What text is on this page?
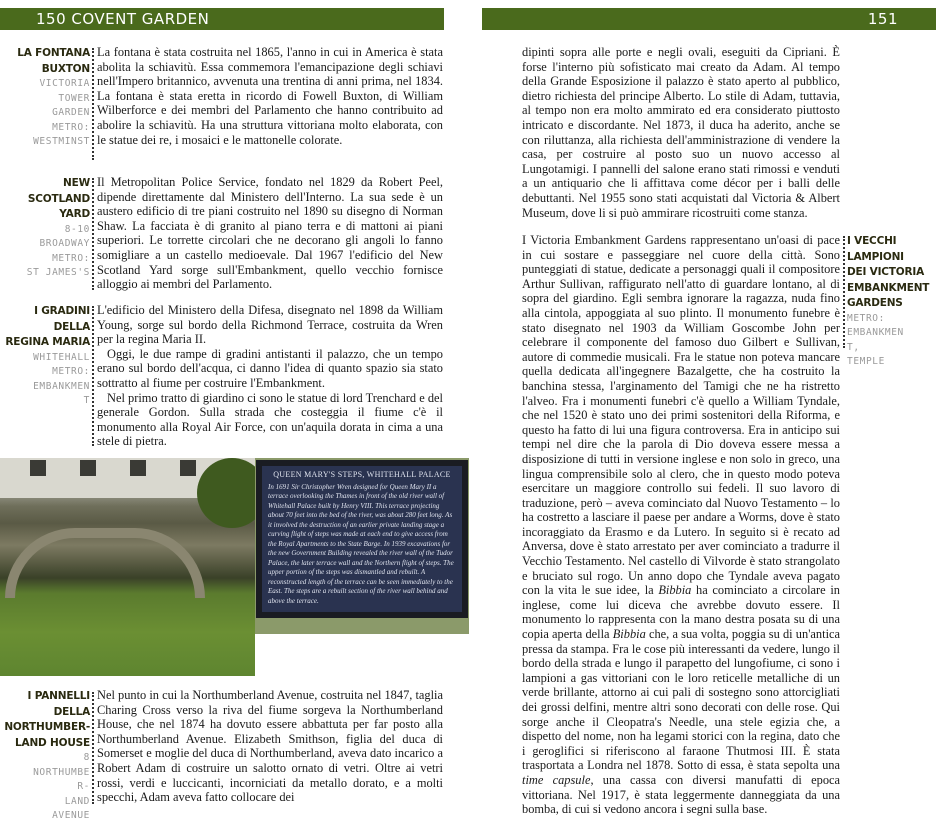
150 COVENT GARDEN	151
LA FONTANA
BUXTON
VICTORIA
TOWER
GARDEN
METRO:
WESTMINST

La fontana è stata costruita nel 1865, l'anno in cui in America è stata abolita la schiavitù. Essa commemora l'emancipazione degli schiavi nell'Impero britannico, avvenuta una trentina di anni prima, nel 1834. La fontana è stata eretta in ricordo di Fowell Buxton, di William Wilberforce e dei membri del Parlamento che hanno contribuito ad abolire la schiavitù. Ha una struttura vittoriana molto elaborata, con le statue dei re, i mosaici e le mattonelle colorate.

NEW
SCOTLAND YARD
8-10
BROADWAY
METRO:
ST JAMES'S

Il Metropolitan Police Service, fondato nel 1829 da Robert Peel, dipende direttamente dal Ministero dell'Interno. La sua sede è un austero edificio di tre piani costruito nel 1890 su disegno di Norman Shaw. La facciata è di granito al piano terra e di mattoni ai piani superiori. Le torrette circolari che ne decorano gli angoli lo fanno somigliare a un castello medioevale. Dal 1967 l'edificio del New Scotland Yard sorge sull'Embankment, quello vecchio fornisce alloggio ai membri del Parlamento.

I GRADINI DELLA
REGINA MARIA
WHITEHALL
METRO:
EMBANKMEN
T

L'edificio del Ministero della Difesa, disegnato nel 1898 da William Young, sorge sul bordo della Richmond Terrace, costruita da Wren per la regina Maria II.

Oggi, le due rampe di gradini antistanti il palazzo, che un tempo erano sul bordo dell'acqua, ci danno l'idea di quanto spazio sia stato sottratto al fiume per costruire l'Embankment.

Nel primo tratto di giardino ci sono le statue di lord Trenchard e del generale Gordon. Sulla strada che costeggia il fiume c'è il monumento alla Royal Air Force, con un'aquila dorata in cima a una stele di pietra.

QUEEN MARY'S STEPS, WHITEHALL PALACE
In 1691 Sir Christopher Wren designed for Queen Mary II a terrace overlooking the Thames in front of the old river wall of Whitehall Palace built by Henry VIII. This terrace projecting about 70 feet into the bed of the river, was about 280 feet long. As it involved the destruction of an earlier private landing stage a curving flight of steps was made at each end to give access from the Royal Apartments to the State Barge. In 1939 excavations for the new Government Building revealed the river wall of the Tudor Palace, the later terrace wall and the Northern flight of steps. The upper portion of the steps was dismantled and rebuilt. A reconstructed length of the terrace can be seen immediately to the East. The steps are a rebuilt section of the river wall behind and above the terrace.
I PANNELLI DELLA
NORTHUMBER-
LAND HOUSE
8
NORTHUMBE
R-
LAND
AVENUE

Nel punto in cui la Northumberland Avenue, costruita nel 1847, taglia Charing Cross verso la riva del fiume sorgeva la Northumberland House, che nel 1874 ha dovuto essere abbattuta per far posto alla Northumberland Avenue. Elizabeth Smithson, figlia del duca di Somerset e moglie del duca di Northumberland, aveva dato incarico a Robert Adam di costruire un salotto ornato di vetri. Oltre ai vetri rossi, verdi e luccicanti, incorniciati da metallo dorato, e a molti specchi, Adam aveva fatto collocare dei

dipinti sopra alle porte e negli ovali, eseguiti da Cipriani. È forse l'interno più sofisticato mai creato da Adam. Al tempo della Grande Esposizione il palazzo è stato aperto al pubblico, dietro richiesta del principe Alberto. Lo stile di Adam, tuttavia, al tempo non era molto ammirato ed era considerato piuttosto intricato e discordante. Nel 1873, il duca ha aderito, anche se con riluttanza, alla richiesta dell'amministrazione di vendere la casa, per costruire al posto suo un nuovo accesso al Lungotamigi. I pannelli del salone erano stati rimossi e venduti a un antiquario che li affittava come décor per i balli delle debuttanti. Nel 1955 sono stati acquistati dal Victoria & Albert Museum, dove li si può ammirare ricostruiti come stanza.

I Victoria Embankment Gardens rappresentano un'oasi di pace in cui sostare e passeggiare nel cuore della città. Sono punteggiati di statue, dedicate a personaggi quali il compositore Arthur Sullivan, raffigurato nell'atto di guardare lontano, al di sopra del giardino. Egli sembra ignorare la ragazza, nuda fino alla cintola, appoggiata al suo plinto. Il monumento funebre è stato disegnato nel 1903 da William Goscombe John per celebrare il componente del famoso duo Gilbert e Sullivan, autore di commedie musicali. Fra le statue non poteva mancare quella dedicata all'ingegnere Bazalgette, che ha costruito la banchina stessa, l'arginamento del Tamigi che ne ha ristretto l'alveo. Fra i monumenti funebri c'è quello a William Tyndale, che nel 1520 è stato uno dei primi sostenitori della Riforma, e questo ha fatto di lui una figura controversa. Era in anticipo sui tempi nel dire che la parola di Dio doveva essere messa a disposizione di tutti in versione inglese e non solo in greco, una lingua comprensibile solo al clero, che in questo modo poteva esercitare un maggiore controllo sui fedeli. Il suo lavoro di traduzione, però – aveva cominciato dal Nuovo Testamento – lo ha costretto a lasciare il paese per andare a Worms, dove è stato incoraggiato da Erasmo e da Lutero. In seguito si è recato ad Anversa, dove è stato arrestato per aver cominciato a tradurre il Vecchio Testamento. Nel castello di Vilvorde è stato strangolato e bruciato sul rogo. Un anno dopo che Tyndale aveva pagato con la vita le sue idee, la Bibbia ha cominciato a circolare in inglese, come lui diceva che avrebbe dovuto essere. Il monumento lo rappresenta con la mano destra posata su di una copia aperta della Bibbia che, a sua volta, poggia su di un'antica pressa da stampa. Fra le cose più interessanti da vedere, lungo il bordo della strada e lungo il parapetto del lungofiume, ci sono i lampioni a gas vittoriani con le loro reticelle metalliche di un verde brillante, attorno ai cui pali di sostegno sono attorcigliati dei grossi delfini, mentre altri sono decorati con delle rose. Qui sorge anche il Cleopatra's Needle, una stele egizia che, a dispetto del nome, non ha legami storici con la regina, dato che i geroglifici si riferiscono al faraone Thutmosi III. È stata trasportata a Londra nel 1878. Sotto di essa, è stata sepolta una time capsule, una cassa con diversi manufatti di epoca vittoriana. Nel 1917, è stata leggermente danneggiata da una bomba, di cui si vedono ancora i segni sulla base.

I VECCHI
LAMPIONI
DEI VICTORIA
EMBANKMENT
GARDENS
METRO:
EMBANKMEN
T,
TEMPLE
